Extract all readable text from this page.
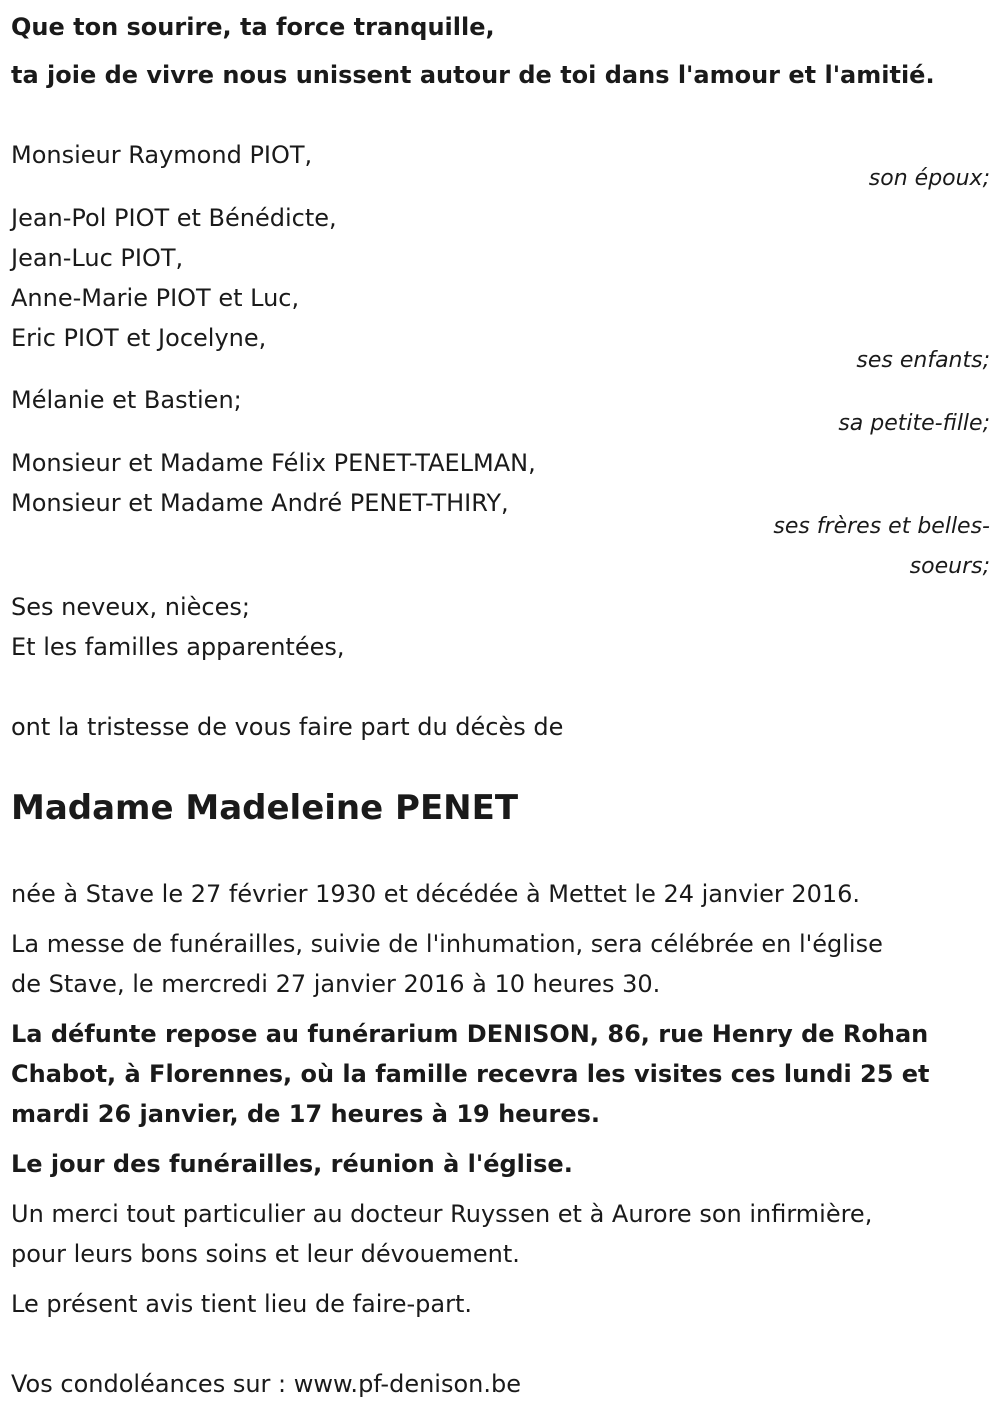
Que ton sourire, ta force tranquille,
ta joie de vivre nous unissent autour de toi dans l'amour et l'amitié.
Monsieur Raymond PIOT,
son époux;
Jean-Pol PIOT et Bénédicte,
Jean-Luc PIOT,
Anne-Marie PIOT et Luc,
Eric PIOT et Jocelyne,
ses enfants;
Mélanie et Bastien;
sa petite-fille;
Monsieur et Madame Félix PENET-TAELMAN,
Monsieur et Madame André PENET-THIRY,
ses frères et belles-
soeurs;
Ses neveux, nièces;
Et les familles apparentées,
ont la tristesse de vous faire part du décès de
Madame Madeleine PENET
née à Stave le 27 février 1930 et décédée à Mettet le 24 janvier 2016.
La messe de funérailles, suivie de l'inhumation, sera célébrée en l'église
de Stave, le mercredi 27 janvier 2016 à 10 heures 30.
La défunte repose au funérarium DENISON, 86, rue Henry de Rohan
Chabot, à Florennes, où la famille recevra les visites ces lundi 25 et
mardi 26 janvier, de 17 heures à 19 heures.
Le jour des funérailles, réunion à l'église.
Un merci tout particulier au docteur Ruyssen et à Aurore son infirmière,
pour leurs bons soins et leur dévouement.
Le présent avis tient lieu de faire-part.
Vos condoléances sur : www.pf-denison.be
